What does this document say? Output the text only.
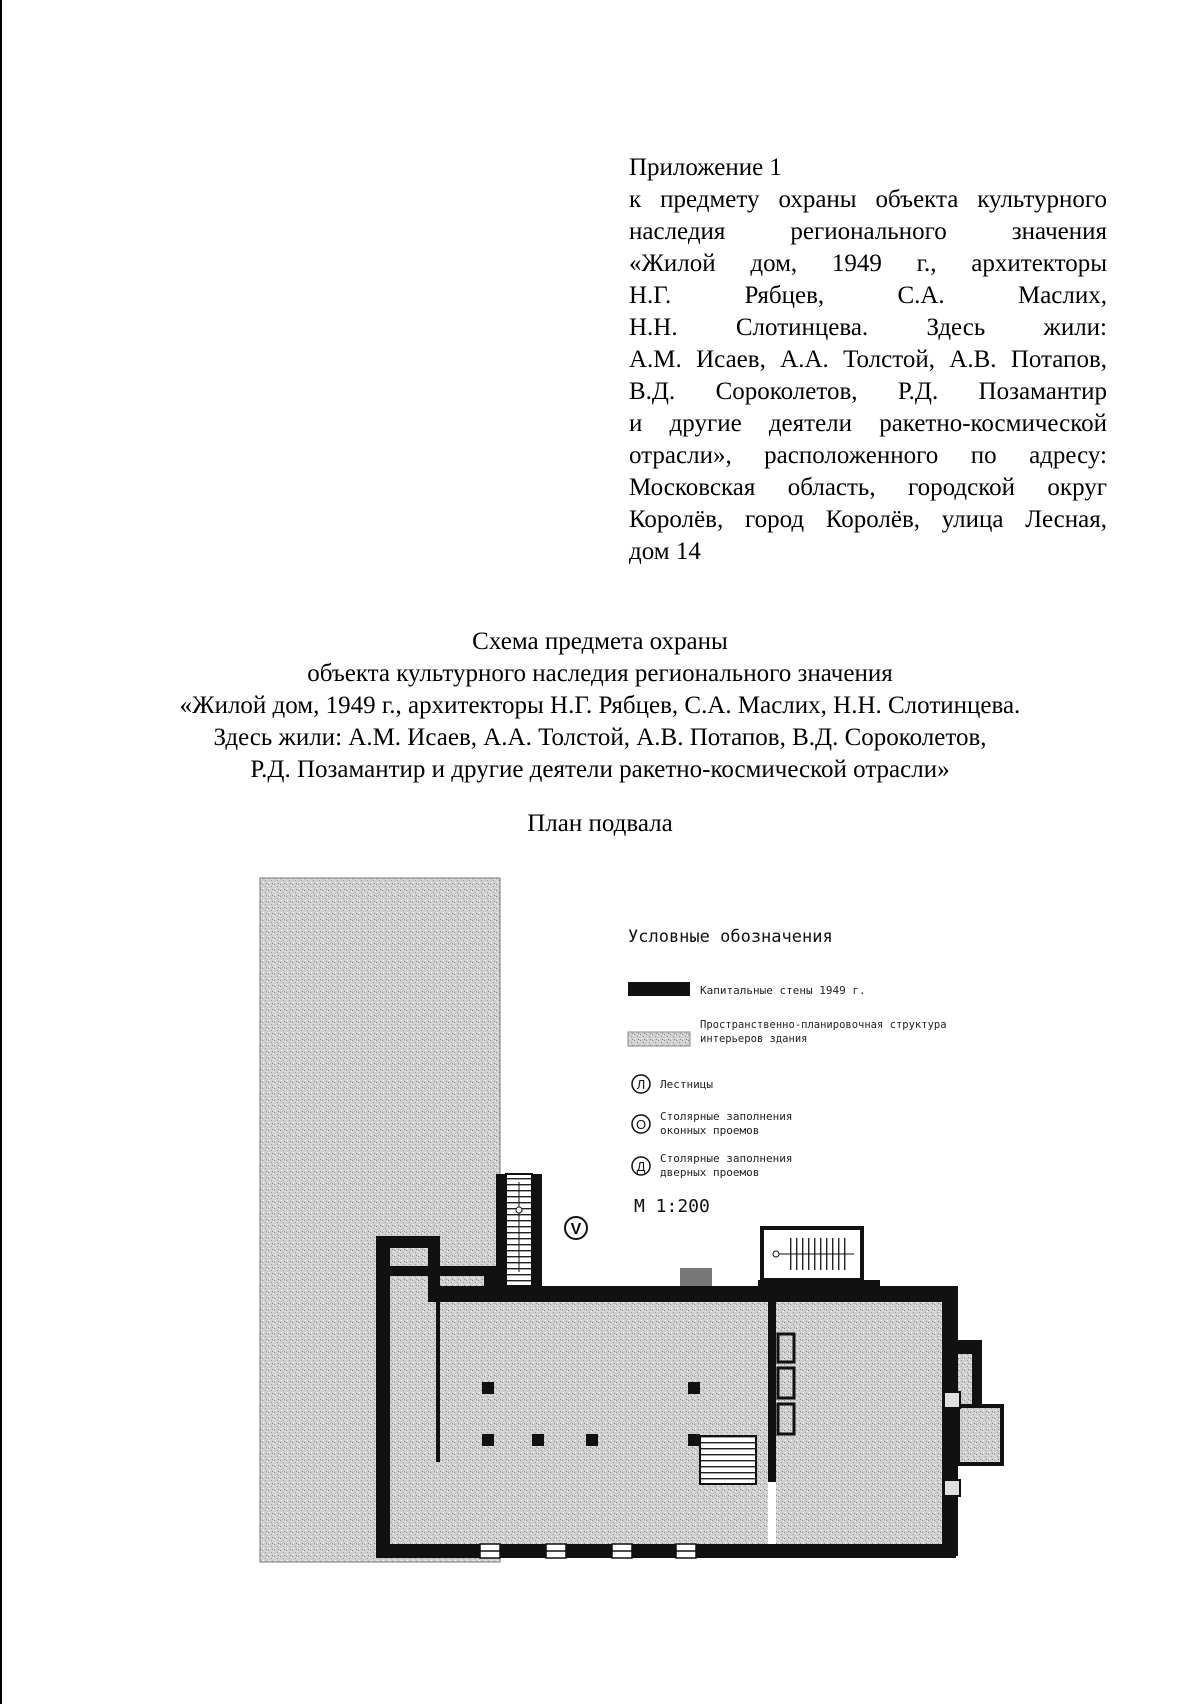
Приложение 1
к предмету охраны объекта культурного
наследия регионального значения
«Жилой дом, 1949 г., архитекторы
Н.Г. Рябцев, С.А. Маслих,
Н.Н. Слотинцева. Здесь жили:
А.М. Исаев, А.А. Толстой, А.В. Потапов,
В.Д. Сороколетов, Р.Д. Позамантир
и другие деятели ракетно-космической
отрасли», расположенного по адресу:
Московская область, городской округ
Королёв, город Королёв, улица Лесная,
дом 14
Схема предмета охраны
объекта культурного наследия регионального значения
«Жилой дом, 1949 г., архитекторы Н.Г. Рябцев, С.А. Маслих, Н.Н. Слотинцева.
Здесь жили: А.М. Исаев, А.А. Толстой, А.В. Потапов, В.Д. Сороколетов,
Р.Д. Позамантир и другие деятели ракетно-космической отрасли»
План подвала
V
Условные обозначения
Капитальные стены 1949 г.
Пространственно-планировочная структура
интерьеров здания
Л Лестницы
О
Столярные заполнения
оконных проемов
Д
Столярные заполнения
дверных проемов
М 1:200
